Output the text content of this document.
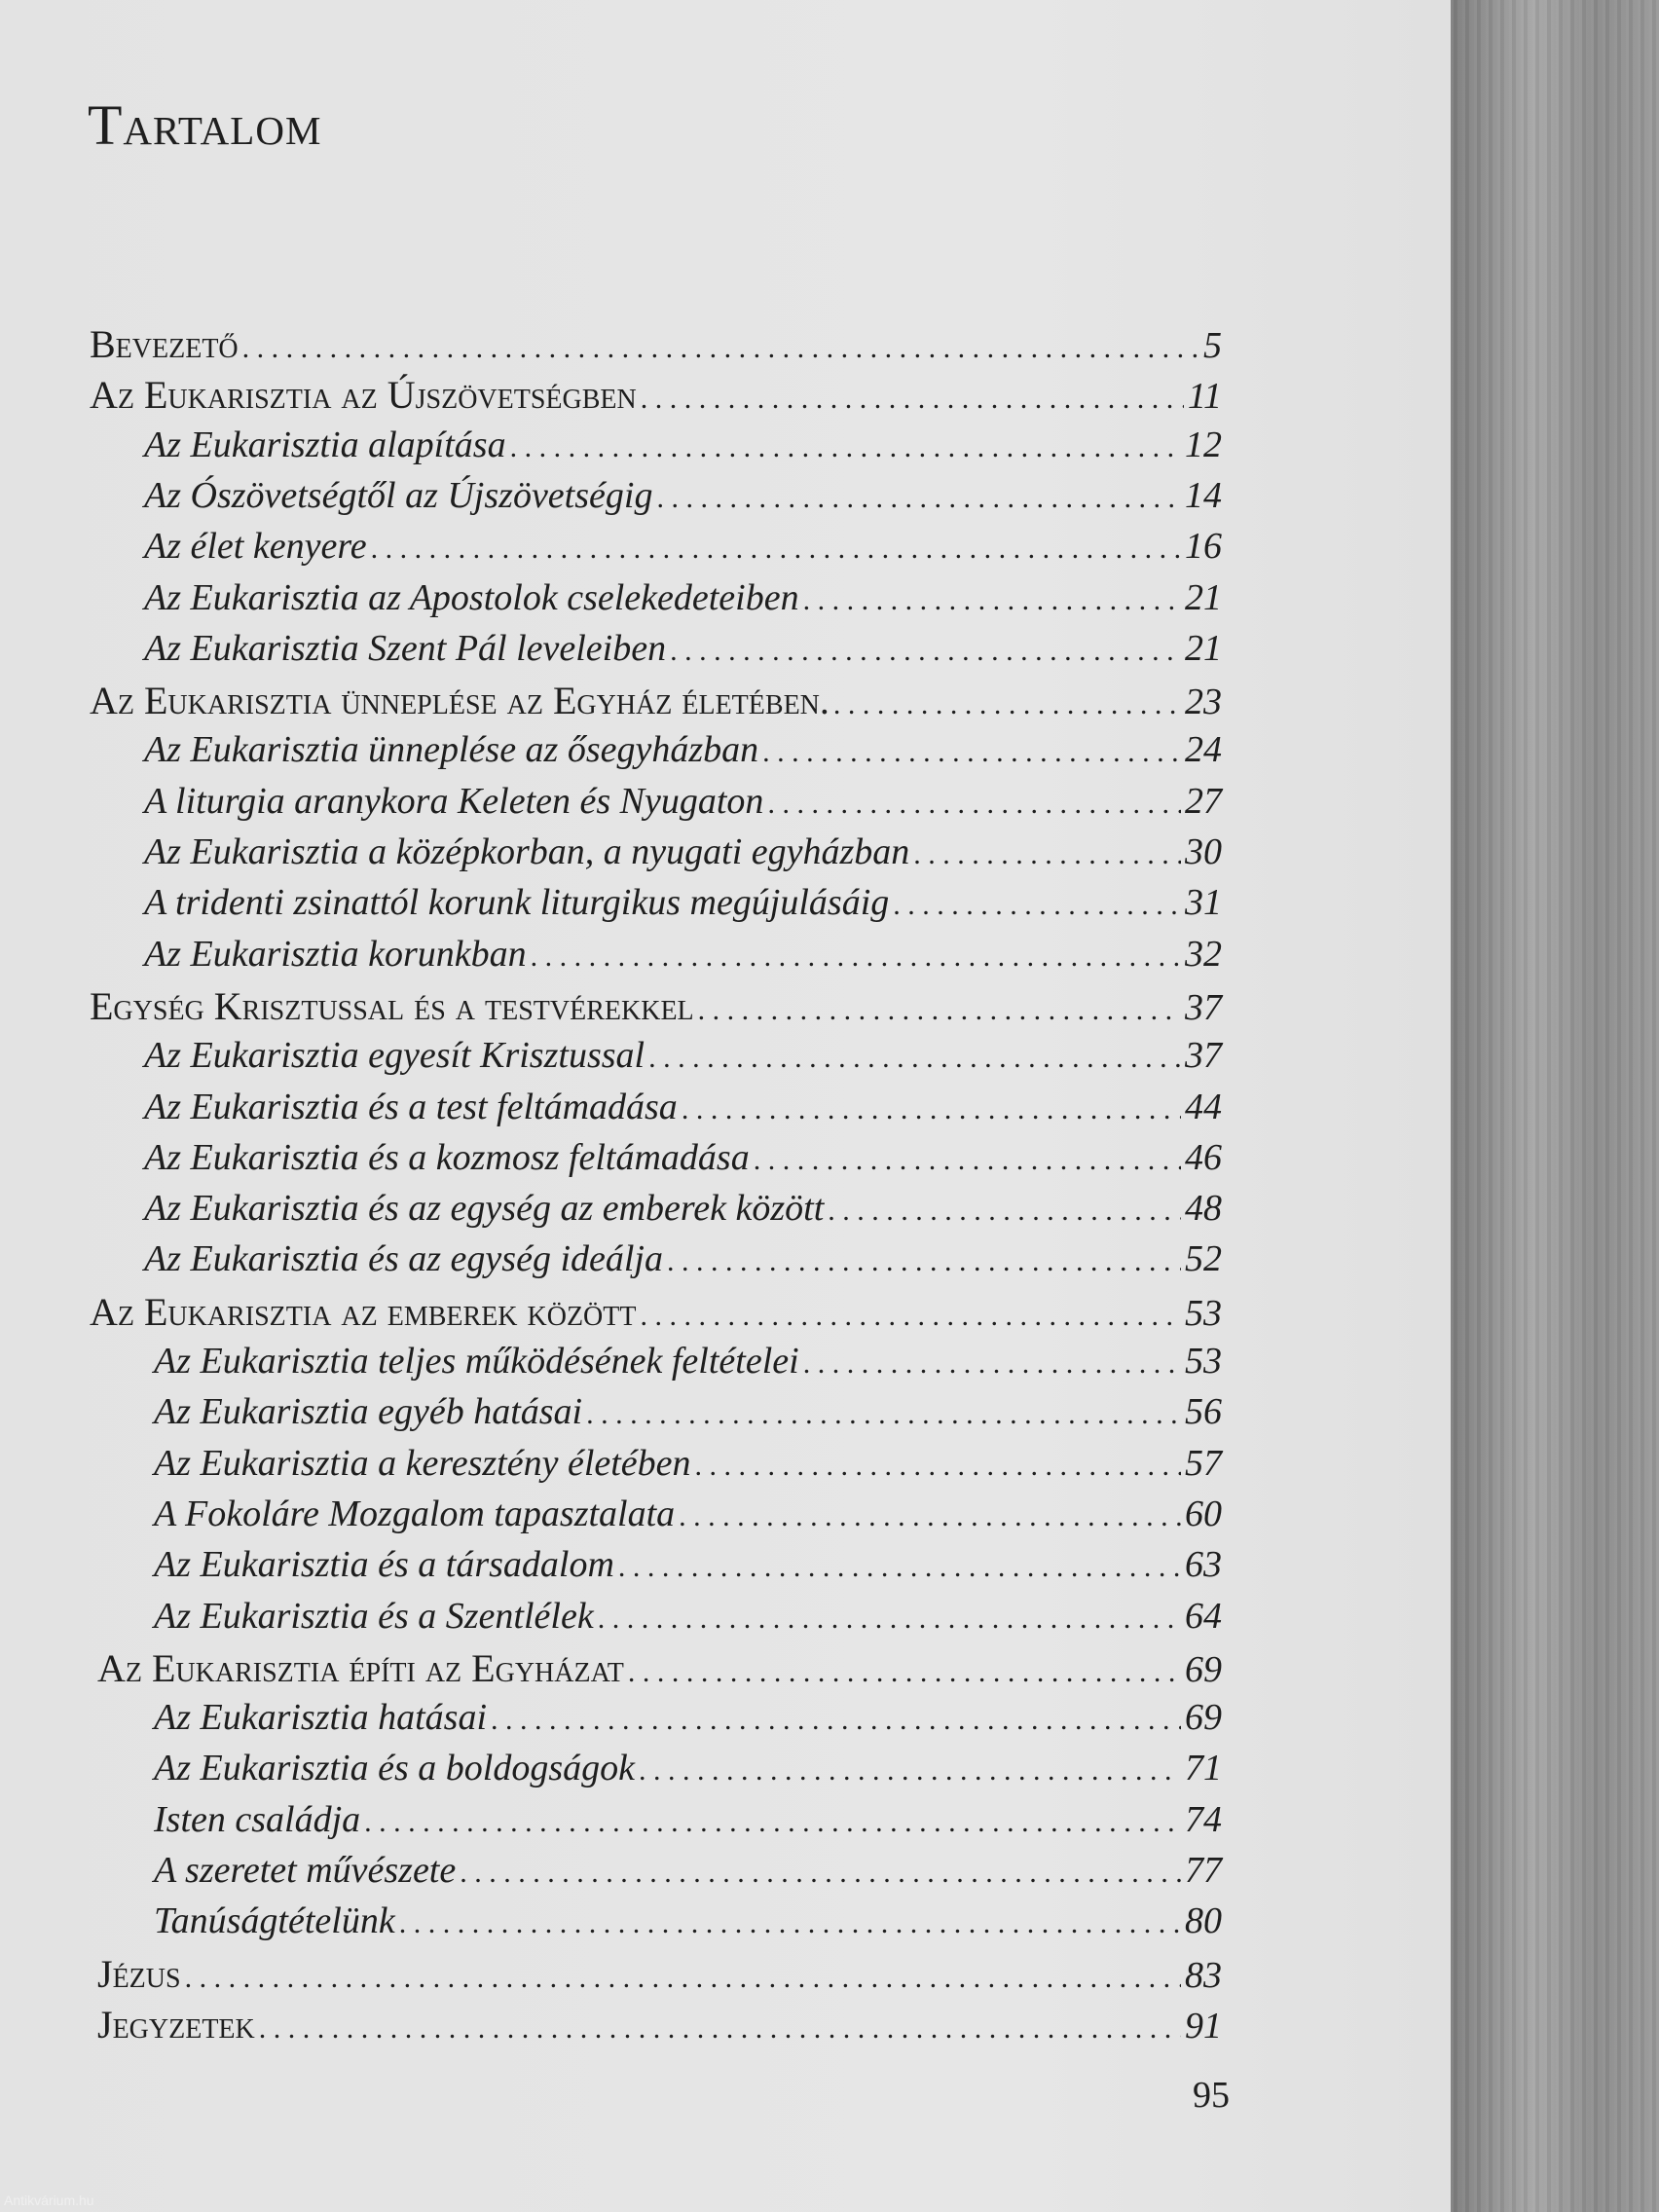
Tartalom
Bevezető . . .	5
Az Eukarisztia az Újszövetségben . . .	11
Az Eukarisztia alapítása . . .	12
Az Ószövetségtől az Újszövetségig . . .	14
Az élet kenyere . . .	16
Az Eukarisztia az Apostolok cselekedeteiben . . .	21
Az Eukarisztia Szent Pál leveleiben . . .	21
Az Eukarisztia ünneplése az Egyház életében. . . .	23
Az Eukarisztia ünneplése az ősegyházban . . .	24
A liturgia aranykora Keleten és Nyugaton . . .	27
Az Eukarisztia a középkorban, a nyugati egyházban . . .	30
A tridenti zsinattól korunk liturgikus megújulásáig . . .	31
Az Eukarisztia korunkban . . .	32
Egység Krisztussal és a testvérekkel . . .	37
Az Eukarisztia egyesít Krisztussal . . .	37
Az Eukarisztia és a test feltámadása . . .	44
Az Eukarisztia és a kozmosz feltámadása . . .	46
Az Eukarisztia és az egység az emberek között . . .	48
Az Eukarisztia és az egység ideálja . . .	52
Az Eukarisztia az emberek között . . .	53
Az Eukarisztia teljes működésének feltételei . . .	53
Az Eukarisztia egyéb hatásai . . .	56
Az Eukarisztia a keresztény életében . . .	57
A Fokoláre Mozgalom tapasztalata . . .	60
Az Eukarisztia és a társadalom . . .	63
Az Eukarisztia és a Szentlélek . . .	64
Az Eukarisztia építi az Egyházat . . .	69
Az Eukarisztia hatásai . . .	69
Az Eukarisztia és a boldogságok . . .	71
Isten családja . . .	74
A szeretet művészete . . .	77
Tanúságtételünk . . .	80
Jézus . . .	83
Jegyzetek . . .	91
95
Antikvárium.hu
